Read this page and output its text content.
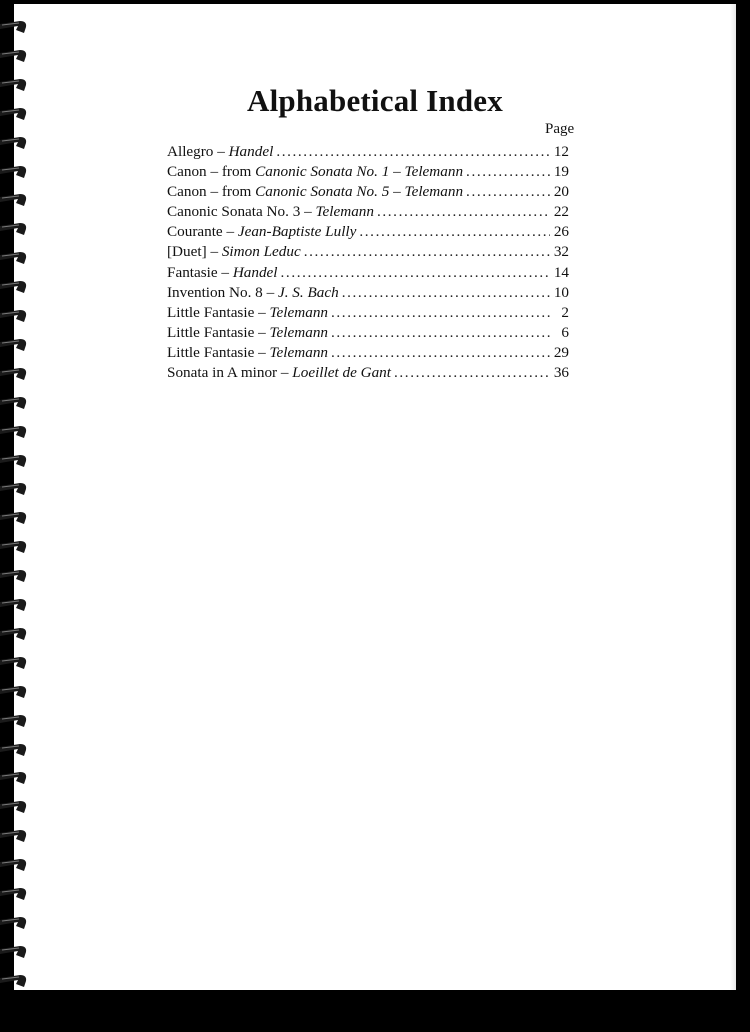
Alphabetical Index
Page
Allegro – Handel . . .	12
Canon – from Canonic Sonata No. 1 – Telemann . . .	19
Canon – from Canonic Sonata No. 5 – Telemann . . .	20
Canonic Sonata No. 3 – Telemann . . .	22
Courante – Jean-Baptiste Lully . . .	26
[Duet] – Simon Leduc . . .	32
Fantasie – Handel . . .	14
Invention No. 8 – J. S. Bach . . .	10
Little Fantasie – Telemann . . .	2
Little Fantasie – Telemann . . .	6
Little Fantasie – Telemann . . .	29
Sonata in A minor – Loeillet de Gant . . .	36
